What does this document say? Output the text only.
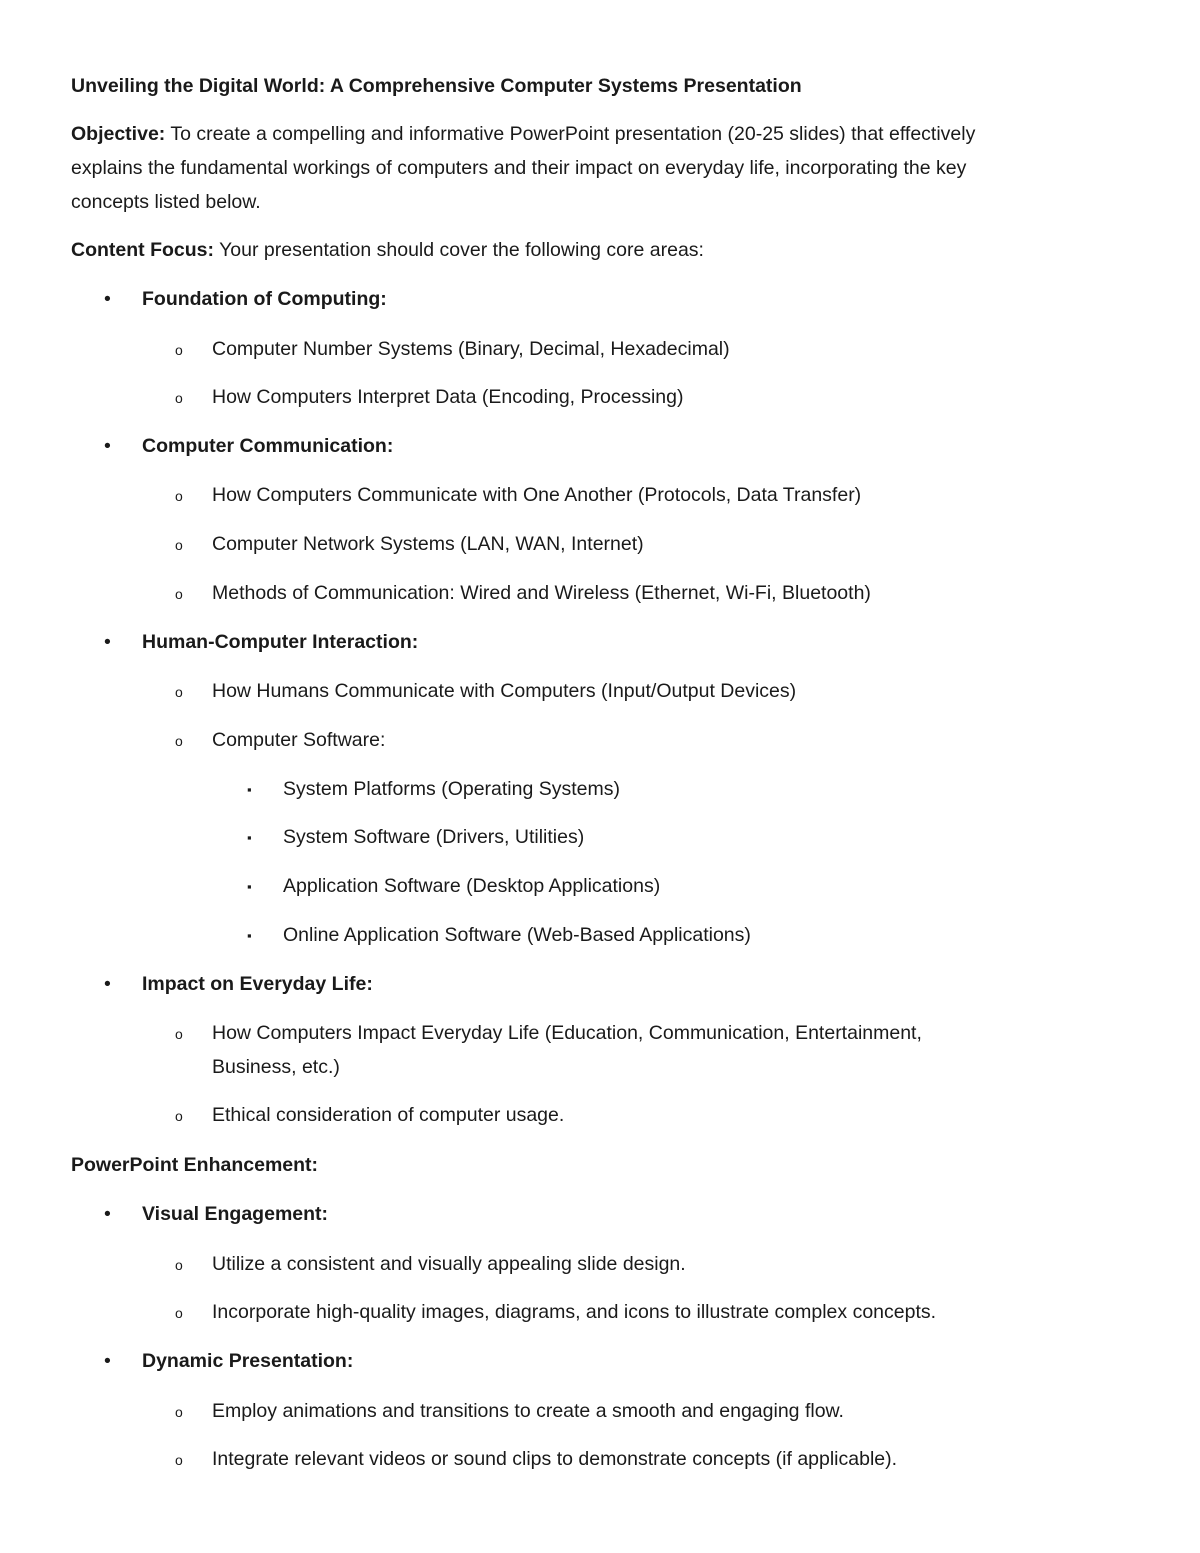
Unveiling the Digital World: A Comprehensive Computer Systems Presentation
Objective: To create a compelling and informative PowerPoint presentation (20-25 slides) that effectively
explains the fundamental workings of computers and their impact on everyday life, incorporating the key
concepts listed below.
Content Focus: Your presentation should cover the following core areas:
• Foundation of Computing:
o Computer Number Systems (Binary, Decimal, Hexadecimal)
o How Computers Interpret Data (Encoding, Processing)
• Computer Communication:
o How Computers Communicate with One Another (Protocols, Data Transfer)
o Computer Network Systems (LAN, WAN, Internet)
o Methods of Communication: Wired and Wireless (Ethernet, Wi-Fi, Bluetooth)
• Human-Computer Interaction:
o How Humans Communicate with Computers (Input/Output Devices)
o Computer Software:
▪ System Platforms (Operating Systems)
▪ System Software (Drivers, Utilities)
▪ Application Software (Desktop Applications)
▪ Online Application Software (Web-Based Applications)
• Impact on Everyday Life:
o How Computers Impact Everyday Life (Education, Communication, Entertainment,
Business, etc.)
o Ethical consideration of computer usage.
PowerPoint Enhancement:
• Visual Engagement:
o Utilize a consistent and visually appealing slide design.
o Incorporate high-quality images, diagrams, and icons to illustrate complex concepts.
• Dynamic Presentation:
o Employ animations and transitions to create a smooth and engaging flow.
o Integrate relevant videos or sound clips to demonstrate concepts (if applicable).
